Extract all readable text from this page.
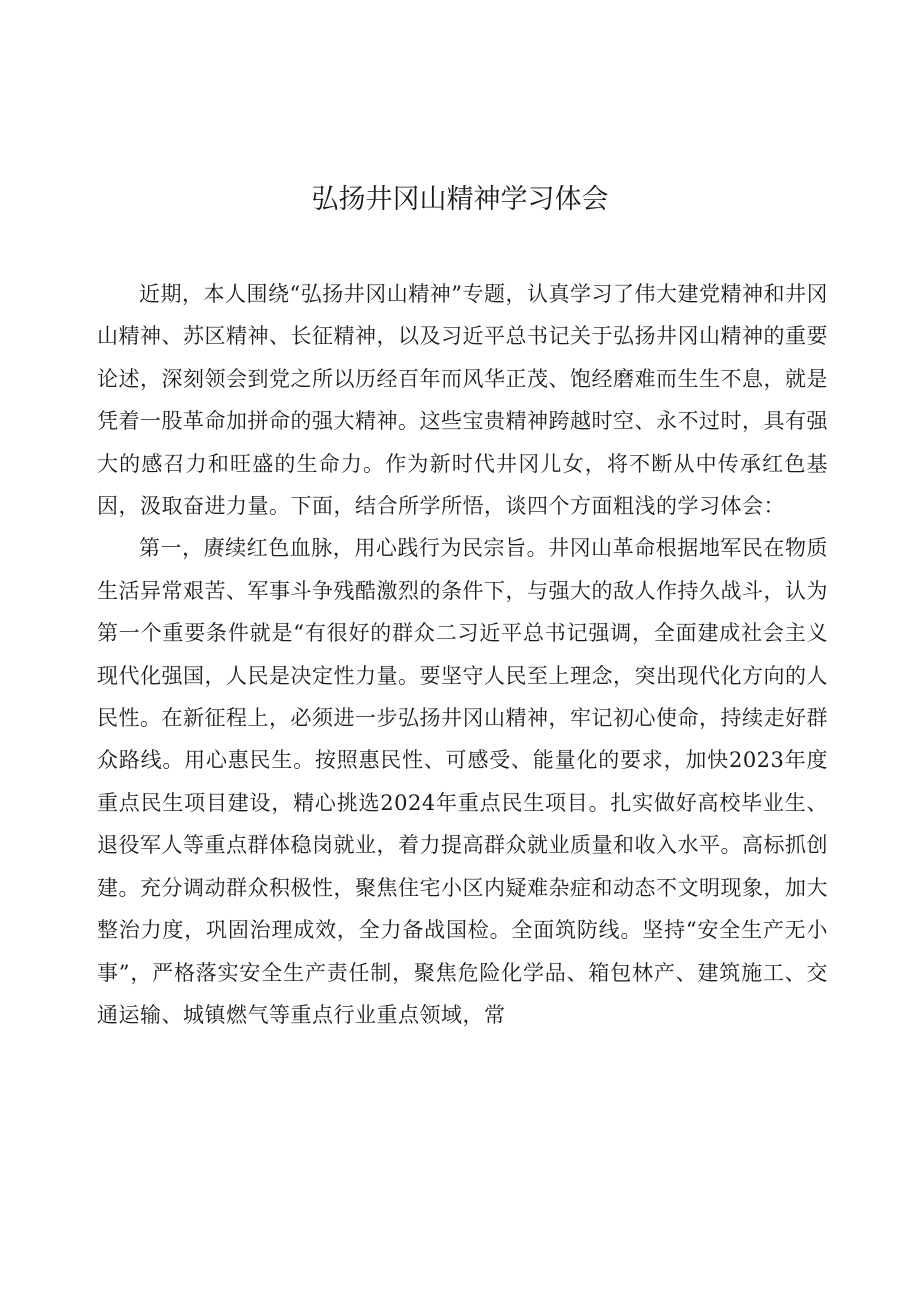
弘扬井冈山精神学习体会

近期，本人围绕“弘扬井冈山精神”专题，认真学习了伟大建党精神和井冈山精神、苏区精神、长征精神，以及习近平总书记关于弘扬井冈山精神的重要论述，深刻领会到党之所以历经百年而风华正茂、饱经磨难而生生不息，就是凭着一股革命加拼命的强大精神。这些宝贵精神跨越时空、永不过时，具有强大的感召力和旺盛的生命力。作为新时代井冈儿女，将不断从中传承红色基因，汲取奋进力量。下面，结合所学所悟，谈四个方面粗浅的学习体会：

第一，赓续红色血脉，用心践行为民宗旨。井冈山革命根据地军民在物质生活异常艰苦、军事斗争残酷激烈的条件下，与强大的敌人作持久战斗，认为第一个重要条件就是“有很好的群众二习近平总书记强调，全面建成社会主义现代化强国，人民是决定性力量。要坚守人民至上理念，突出现代化方向的人民性。在新征程上，必须进一步弘扬井冈山精神，牢记初心使命，持续走好群众路线。用心惠民生。按照惠民性、可感受、能量化的要求，加快2023年度重点民生项目建设，精心挑选2024年重点民生项目。扎实做好高校毕业生、退役军人等重点群体稳岗就业，着力提高群众就业质量和收入水平。高标抓创建。充分调动群众积极性，聚焦住宅小区内疑难杂症和动态不文明现象，加大整治力度，巩固治理成效，全力备战国检。全面筑防线。坚持“安全生产无小事”，严格落实安全生产责任制，聚焦危险化学品、箱包林产、建筑施工、交通运输、城镇燃气等重点行业重点领域，常
